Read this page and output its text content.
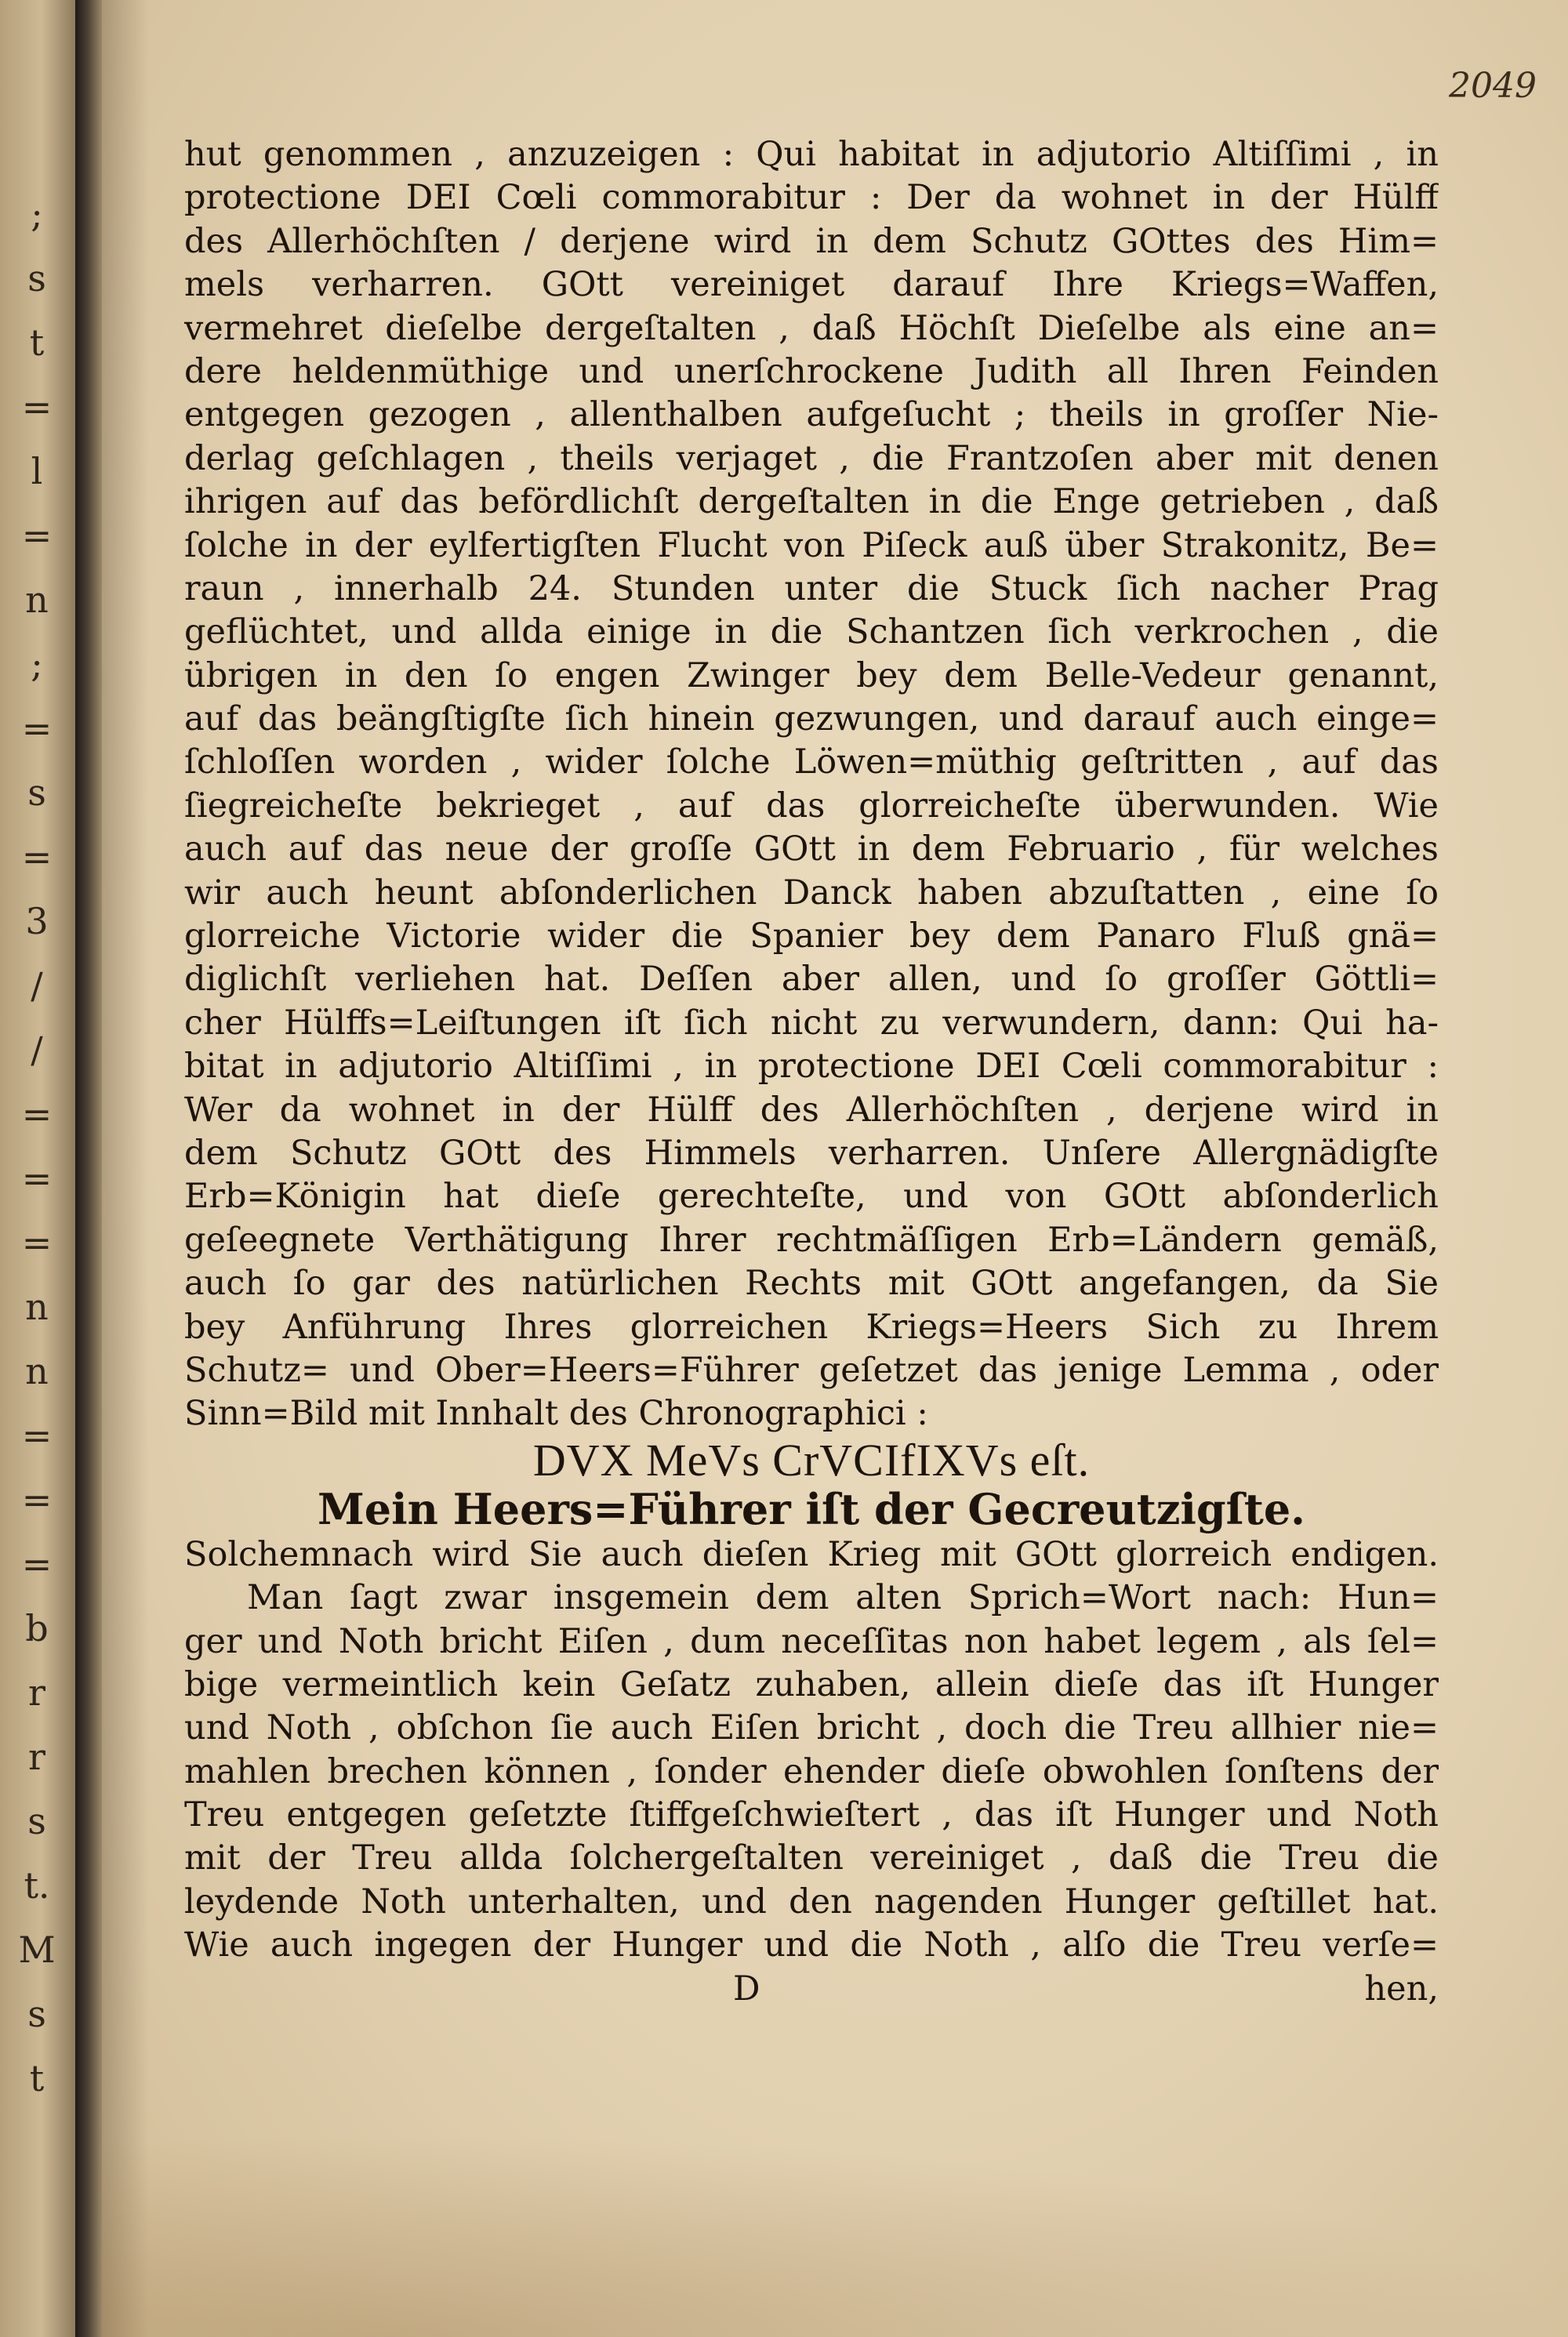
;
s
t
=
l
=
n
;
=
s
=
3
/
/
=
=
=
n
n
=
=
=
b
r
r
s
t.
M
s
t
2049
hut genommen , anzuzeigen : Qui habitat in adjutorio Altiſſimi , in
protectione DEI Cœli commorabitur : Der da wohnet in der Hülff
des Allerhöchſten / derjene wird in dem Schutz GOttes des Him=
mels verharren. GOtt vereiniget darauf Ihre Kriegs=Waffen,
vermehret dieſelbe dergeſtalten , daß Höchſt Dieſelbe als eine an=
dere heldenmüthige und unerſchrockene Judith all Ihren Feinden
entgegen gezogen , allenthalben aufgeſucht ; theils in groſſer Nie-
derlag geſchlagen , theils verjaget , die Frantzoſen aber mit denen
ihrigen auf das befördlichſt dergeſtalten in die Enge getrieben , daß
ſolche in der eylfertigſten Flucht von Piſeck auß über Strakonitz, Be=
raun , innerhalb 24. Stunden unter die Stuck ſich nacher Prag
geflüchtet, und allda einige in die Schantzen ſich verkrochen , die
übrigen in den ſo engen Zwinger bey dem Belle-Vedeur genannt,
auf das beängſtigſte ſich hinein gezwungen, und darauf auch einge=
ſchloſſen worden , wider ſolche Löwen=müthig geſtritten , auf das
ſiegreicheſte bekrieget , auf das glorreicheſte überwunden. Wie
auch auf das neue der groſſe GOtt in dem Februario , für welches
wir auch heunt abſonderlichen Danck haben abzuſtatten , eine ſo
glorreiche Victorie wider die Spanier bey dem Panaro Fluß gnä=
diglichſt verliehen hat. Deſſen aber allen, und ſo groſſer Göttli=
cher Hülffs=Leiſtungen iſt ſich nicht zu verwundern, dann: Qui ha-
bitat in adjutorio Altiſſimi , in protectione DEI Cœli commorabitur :
Wer da wohnet in der Hülff des Allerhöchſten , derjene wird in
dem Schutz GOtt des Himmels verharren. Unſere Allergnädigſte
Erb=Königin hat dieſe gerechteſte, und von GOtt abſonderlich
geſeegnete Verthätigung Ihrer rechtmäſſigen Erb=Ländern gemäß,
auch ſo gar des natürlichen Rechts mit GOtt angefangen, da Sie
bey Anführung Ihres glorreichen Kriegs=Heers Sich zu Ihrem
Schutz= und Ober=Heers=Führer geſetzet das jenige Lemma , oder
Sinn=Bild mit Innhalt des Chronographici :
DVX MeVs CrVCIfIXVs eſt.
Mein Heers=Führer iſt der Gecreutzigſte.
Solchemnach wird Sie auch dieſen Krieg mit GOtt glorreich endigen.
Man ſagt zwar insgemein dem alten Sprich=Wort nach: Hun=
ger und Noth bricht Eiſen , dum neceſſitas non habet legem , als ſel=
bige vermeintlich kein Geſatz zuhaben, allein dieſe das iſt Hunger
und Noth , obſchon ſie auch Eiſen bricht , doch die Treu allhier nie=
mahlen brechen können , ſonder ehender dieſe obwohlen ſonſtens der
Treu entgegen geſetzte ſtiffgeſchwieſtert , das iſt Hunger und Noth
mit der Treu allda ſolchergeſtalten vereiniget , daß die Treu die
leydende Noth unterhalten, und den nagenden Hunger geſtillet hat.
Wie auch ingegen der Hunger und die Noth , alſo die Treu verſe=
D	hen,
